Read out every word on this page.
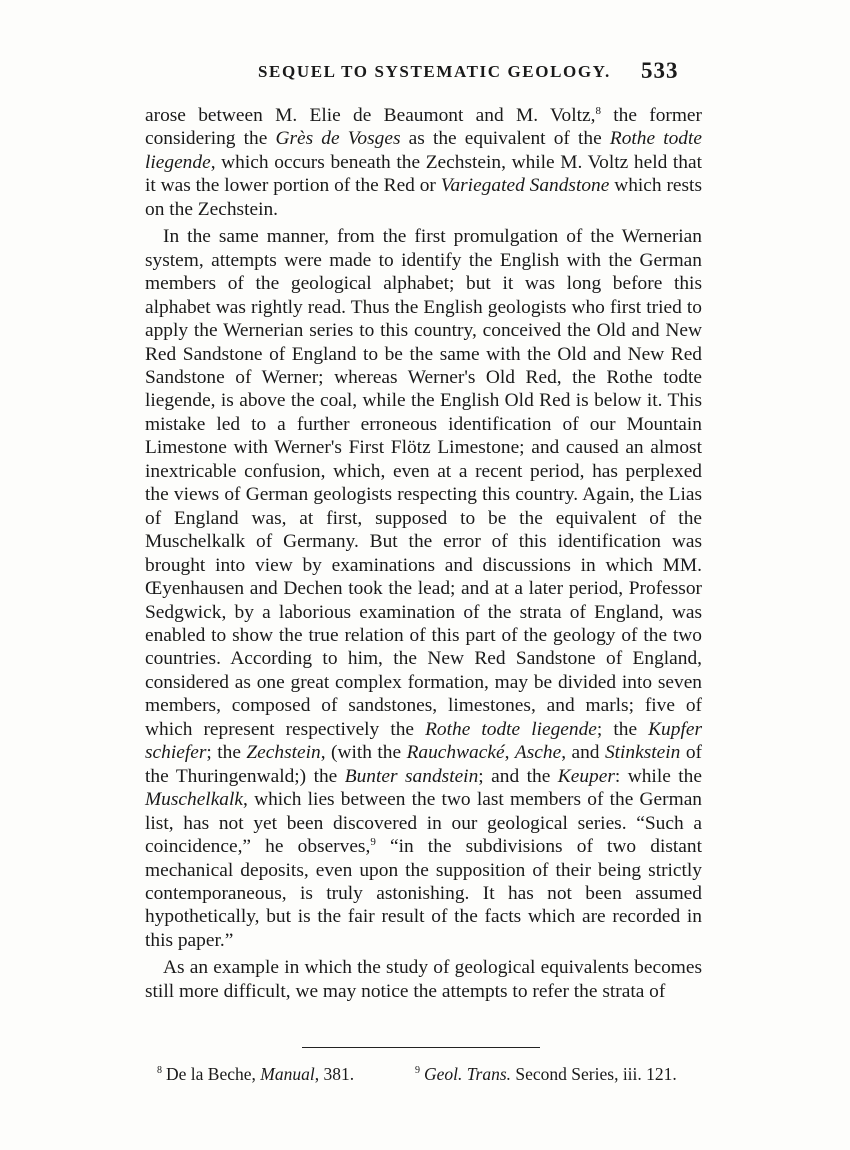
SEQUEL TO SYSTEMATIC GEOLOGY. 533

arose between M. Elie de Beaumont and M. Voltz,$^8$ the former considering the Grès de Vosges as the equivalent of the Rothe todte liegende, which occurs beneath the Zechstein, while M. Voltz held that it was the lower portion of the Red or Variegated Sandstone which rests on the Zechstein.

In the same manner, from the first promulgation of the Wernerian system, attempts were made to identify the English with the German members of the geological alphabet; but it was long before this alphabet was rightly read. Thus the English geologists who first tried to apply the Wernerian series to this country, conceived the Old and New Red Sandstone of England to be the same with the Old and New Red Sandstone of Werner; whereas Werner's Old Red, the Rothe todte liegende, is above the coal, while the English Old Red is below it. This mistake led to a further erroneous identification of our Mountain Limestone with Werner's First Flötz Limestone; and caused an almost inextricable confusion, which, even at a recent period, has perplexed the views of German geologists respecting this country. Again, the Lias of England was, at first, supposed to be the equivalent of the Muschelkalk of Germany. But the error of this identification was brought into view by examinations and discussions in which MM. Œyenhausen and Dechen took the lead; and at a later period, Professor Sedgwick, by a laborious examination of the strata of England, was enabled to show the true relation of this part of the geology of the two countries. According to him, the New Red Sandstone of England, considered as one great complex formation, may be divided into seven members, composed of sandstones, limestones, and marls; five of which represent respectively the Rothe todte liegende; the Kupfer schiefer; the Zechstein, (with the Rauchwacké, Asche, and Stinkstein of the Thuringenwald;) the Bunter sandstein; and the Keuper: while the Muschelkalk, which lies between the two last members of the German list, has not yet been discovered in our geological series. “Such a coincidence,” he observes,$^9$ “in the subdivisions of two distant mechanical deposits, even upon the supposition of their being strictly contemporaneous, is truly astonishing. It has not been assumed hypothetically, but is the fair result of the facts which are recorded in this paper.”

As an example in which the study of geological equivalents becomes still more difficult, we may notice the attempts to refer the strata of

$^8$ De la Beche, Manual, 381.	$^9$ Geol. Trans. Second Series, iii. 121.
